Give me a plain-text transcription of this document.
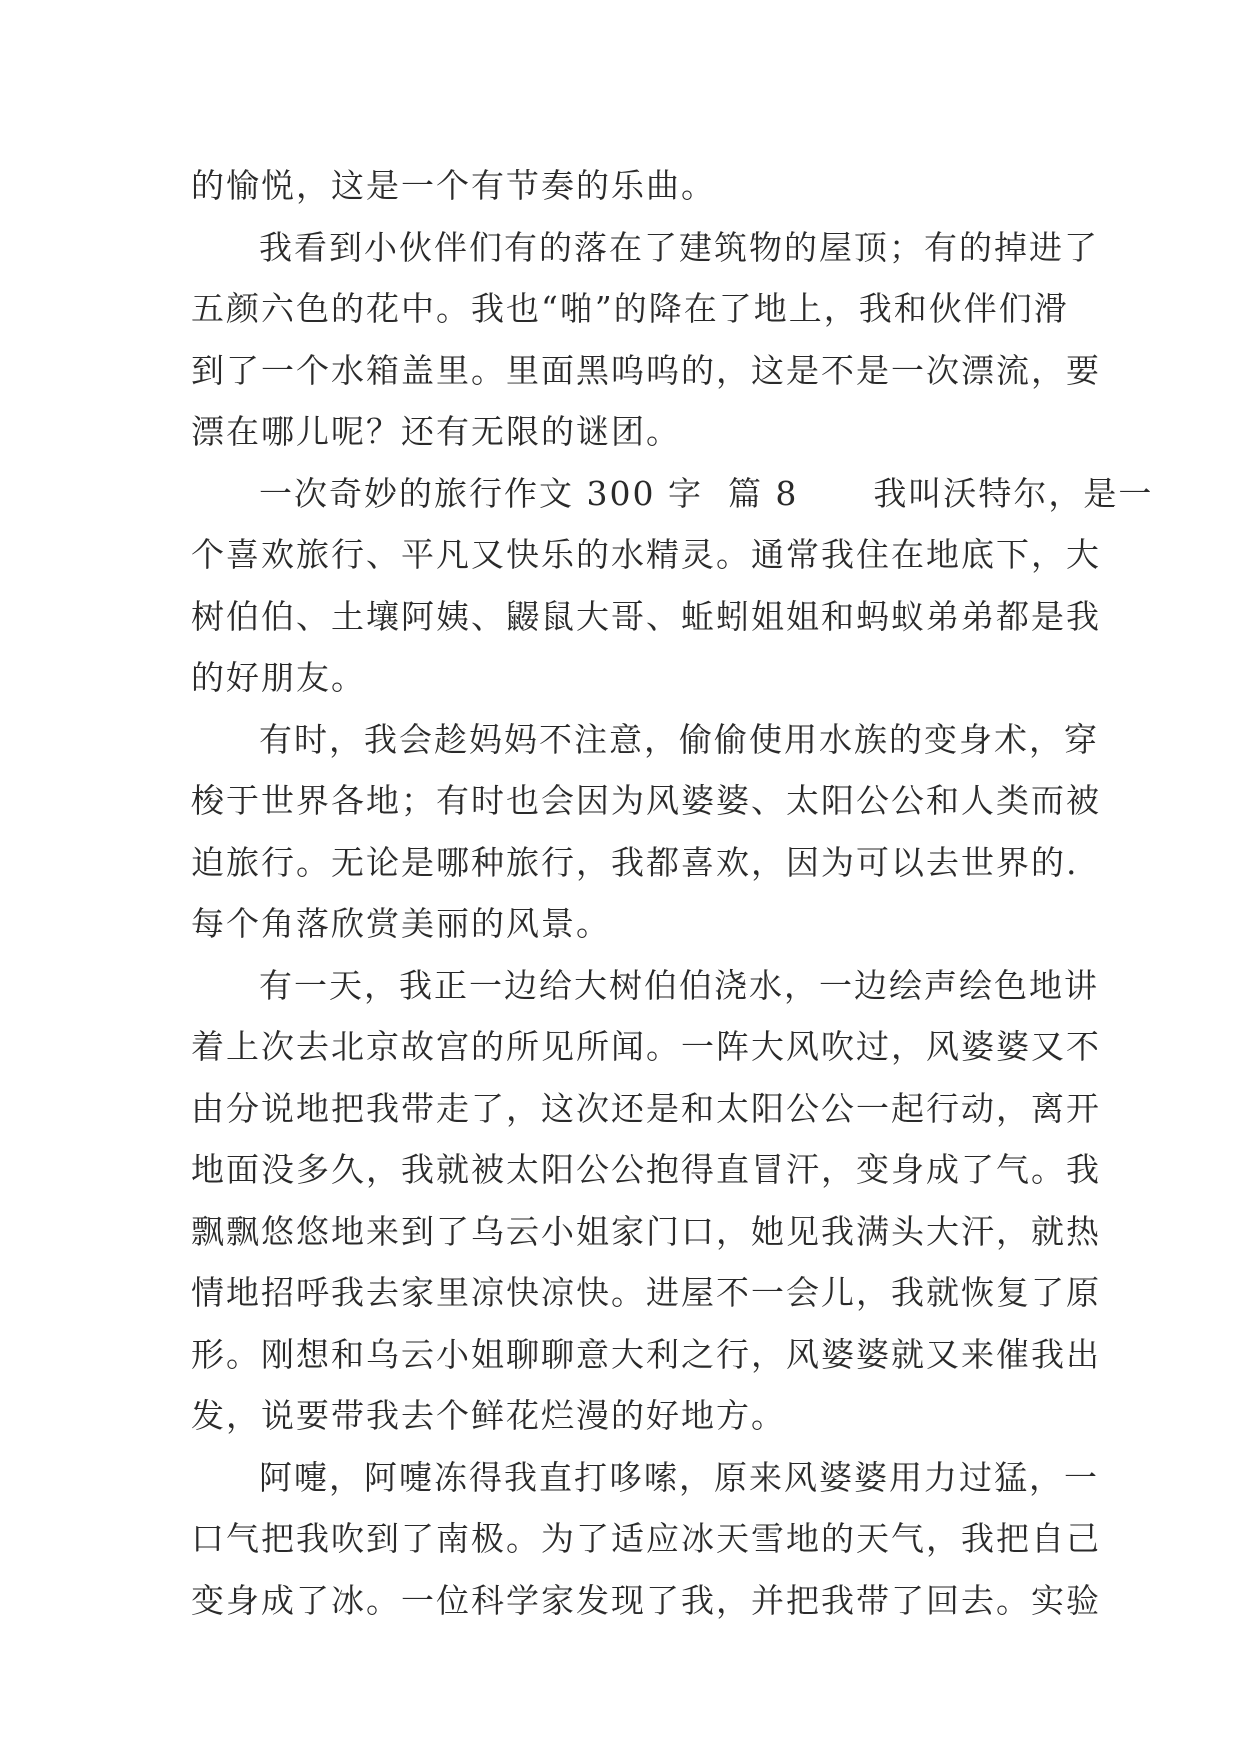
的愉悦，这是一个有节奏的乐曲。
我看到小伙伴们有的落在了建筑物的屋顶；有的掉进了
五颜六色的花中。我也“啪”的降在了地上，我和伙伴们滑
到了一个水箱盖里。里面黑呜呜的，这是不是一次漂流，要
漂在哪儿呢？还有无限的谜团。
一次奇妙的旅行作文 300 字  篇 8      我叫沃特尔，是一
个喜欢旅行、平凡又快乐的水精灵。通常我住在地底下，大
树伯伯、土壤阿姨、鼹鼠大哥、蚯蚓姐姐和蚂蚁弟弟都是我
的好朋友。
有时，我会趁妈妈不注意，偷偷使用水族的变身术，穿
梭于世界各地；有时也会因为风婆婆、太阳公公和人类而被
迫旅行。无论是哪种旅行，我都喜欢，因为可以去世界的.
每个角落欣赏美丽的风景。
有一天，我正一边给大树伯伯浇水，一边绘声绘色地讲
着上次去北京故宫的所见所闻。一阵大风吹过，风婆婆又不
由分说地把我带走了，这次还是和太阳公公一起行动，离开
地面没多久，我就被太阳公公抱得直冒汗，变身成了气。我
飘飘悠悠地来到了乌云小姐家门口，她见我满头大汗，就热
情地招呼我去家里凉快凉快。进屋不一会儿，我就恢复了原
形。刚想和乌云小姐聊聊意大利之行，风婆婆就又来催我出
发，说要带我去个鲜花烂漫的好地方。
阿嚏，阿嚏冻得我直打哆嗦，原来风婆婆用力过猛，一
口气把我吹到了南极。为了适应冰天雪地的天气，我把自己
变身成了冰。一位科学家发现了我，并把我带了回去。实验
